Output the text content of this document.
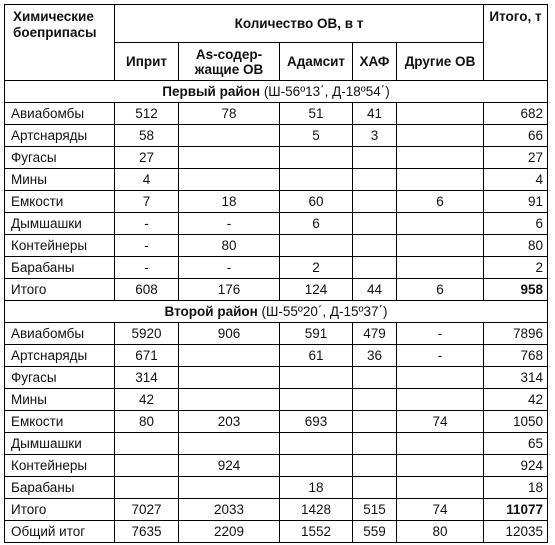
Химические боеприпасы	Количество ОВ, в т					Итого, т
	Иприт	As-содер-жащие ОВ	Адамсит	ХАФ	Другие ОВ	
Первый район (Ш-56º13΄, Д-18º54΄)						
Авиабомбы	512	78	51	41		682
Артснаряды	58		5	3		66
Фугасы	27					27
Мины	4					4
Емкости	7	18	60		6	91
Дымшашки	-	-	6			6
Контейнеры	-	80				80
Барабаны	-	-	2			2
Итого	608	176	124	44	6	958
Второй район (Ш-55º20΄, Д-15º37΄)						
Авиабомбы	5920	906	591	479	-	7896
Артснаряды	671		61	36	-	768
Фугасы	314					314
Мины	42					42
Емкости	80	203	693		74	1050
Дымшашки						65
Контейнеры		924				924
Барабаны			18			18
Итого	7027	2033	1428	515	74	11077
Общий итог	7635	2209	1552	559	80	12035
